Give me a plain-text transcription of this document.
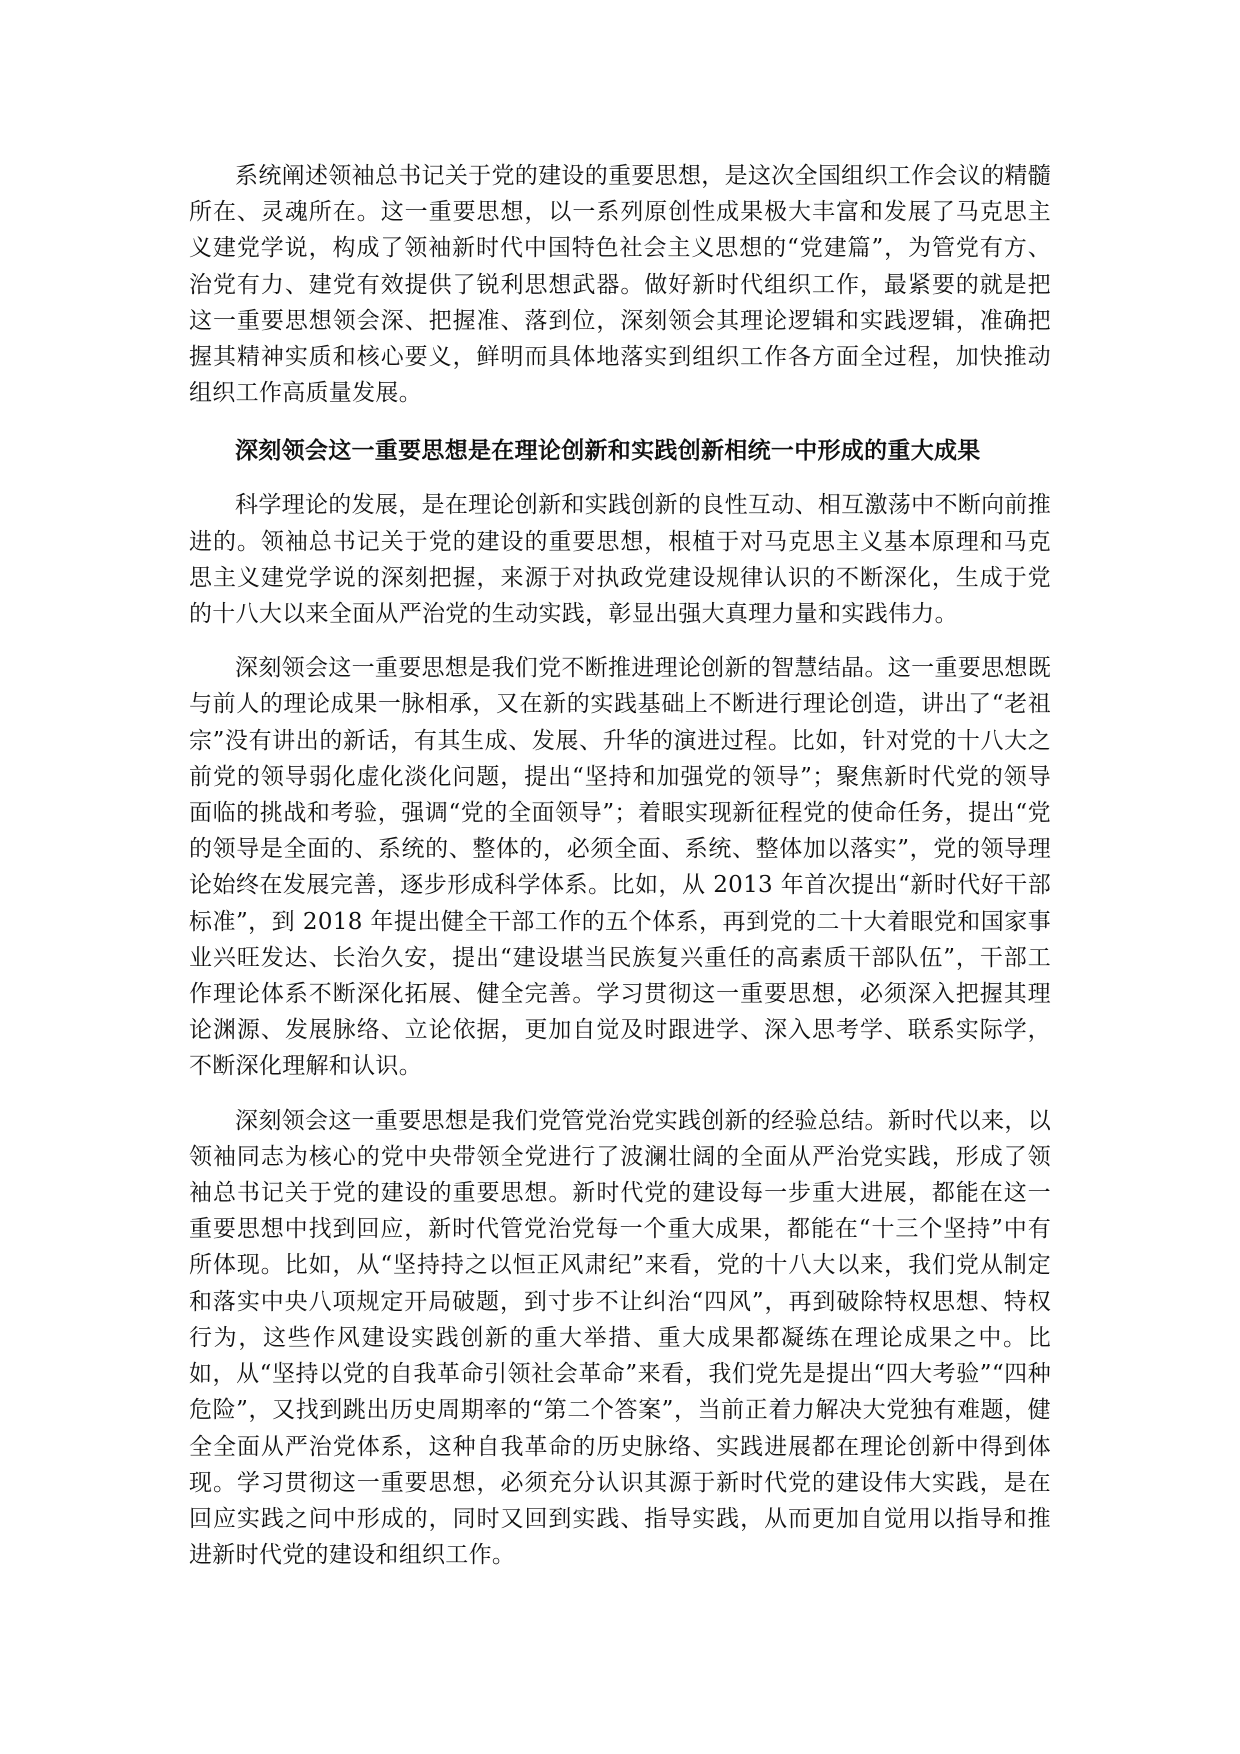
系统阐述领袖总书记关于党的建设的重要思想，是这次全国组织工作会议的精髓所在、灵魂所在。这一重要思想，以一系列原创性成果极大丰富和发展了马克思主义建党学说，构成了领袖新时代中国特色社会主义思想的“党建篇”，为管党有方、治党有力、建党有效提供了锐利思想武器。做好新时代组织工作，最紧要的就是把这一重要思想领会深、把握准、落到位，深刻领会其理论逻辑和实践逻辑，准确把握其精神实质和核心要义，鲜明而具体地落实到组织工作各方面全过程，加快推动组织工作高质量发展。

深刻领会这一重要思想是在理论创新和实践创新相统一中形成的重大成果

科学理论的发展，是在理论创新和实践创新的良性互动、相互激荡中不断向前推进的。领袖总书记关于党的建设的重要思想，根植于对马克思主义基本原理和马克思主义建党学说的深刻把握，来源于对执政党建设规律认识的不断深化，生成于党的十八大以来全面从严治党的生动实践，彰显出强大真理力量和实践伟力。

深刻领会这一重要思想是我们党不断推进理论创新的智慧结晶。这一重要思想既与前人的理论成果一脉相承，又在新的实践基础上不断进行理论创造，讲出了“老祖宗”没有讲出的新话，有其生成、发展、升华的演进过程。比如，针对党的十八大之前党的领导弱化虚化淡化问题，提出“坚持和加强党的领导”；聚焦新时代党的领导面临的挑战和考验，强调“党的全面领导”；着眼实现新征程党的使命任务，提出“党的领导是全面的、系统的、整体的，必须全面、系统、整体加以落实”，党的领导理论始终在发展完善，逐步形成科学体系。比如，从 2013 年首次提出“新时代好干部标准”，到 2018 年提出健全干部工作的五个体系，再到党的二十大着眼党和国家事业兴旺发达、长治久安，提出“建设堪当民族复兴重任的高素质干部队伍”，干部工作理论体系不断深化拓展、健全完善。学习贯彻这一重要思想，必须深入把握其理论渊源、发展脉络、立论依据，更加自觉及时跟进学、深入思考学、联系实际学，不断深化理解和认识。

深刻领会这一重要思想是我们党管党治党实践创新的经验总结。新时代以来，以领袖同志为核心的党中央带领全党进行了波澜壮阔的全面从严治党实践，形成了领袖总书记关于党的建设的重要思想。新时代党的建设每一步重大进展，都能在这一重要思想中找到回应，新时代管党治党每一个重大成果，都能在“十三个坚持”中有所体现。比如，从“坚持持之以恒正风肃纪”来看，党的十八大以来，我们党从制定和落实中央八项规定开局破题，到寸步不让纠治“四风”，再到破除特权思想、特权行为，这些作风建设实践创新的重大举措、重大成果都凝练在理论成果之中。比如，从“坚持以党的自我革命引领社会革命”来看，我们党先是提出“四大考验”“四种危险”，又找到跳出历史周期率的“第二个答案”，当前正着力解决大党独有难题，健全全面从严治党体系，这种自我革命的历史脉络、实践进展都在理论创新中得到体现。学习贯彻这一重要思想，必须充分认识其源于新时代党的建设伟大实践，是在回应实践之问中形成的，同时又回到实践、指导实践，从而更加自觉用以指导和推进新时代党的建设和组织工作。
